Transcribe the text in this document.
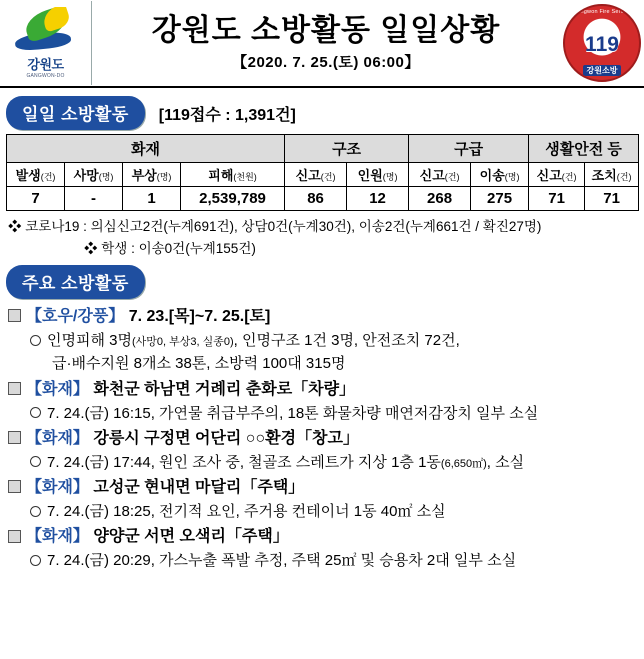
강원도
GANGWON-DO
강원도 소방활동 일일상황
【2020. 7. 25.(토) 06:00】
Gangwon Fire Service
119
강원소방
일일 소방활동	[119접수 : 1,391건]
화재				구조		구급		생활안전 등	
발생(건)	사망(명)	부상(명)	피해(천원)	신고(건)	인원(명)	신고(건)	이송(명)	신고(건)	조치(건)
7	-	1	2,539,789	86	12	268	275	71	71
❖ 코로나19 : 의심신고2건(누계691건), 상담0건(누계30건), 이송2건(누계661건 / 확진27명)
❖ 학생 : 이송0건(누계155건)
주요 소방활동
【호우/강풍】 7. 23.[목]~7. 25.[토]
인명피해 3명(사망0, 부상3, 실종0), 인명구조 1건 3명, 안전조치 72건,
급·배수지원 8개소 38톤, 소방력 100대 315명
【화재】 화천군 하남면 거례리 춘화로「차량」
7. 24.(금) 16:15, 가연물 취급부주의, 18톤 화물차량 매연저감장치 일부 소실
【화재】 강릉시 구정면 어단리 ○○환경「창고」
7. 24.(금) 17:44, 원인 조사 중, 철골조 스레트가 지상 1층 1동(6,650㎡), 소실
【화재】 고성군 현내면 마달리「주택」
7. 24.(금) 18:25, 전기적 요인, 주거용 컨테이너 1동 40㎡ 소실
【화재】 양양군 서면 오색리「주택」
7. 24.(금) 20:29, 가스누출 폭발 추정, 주택 25㎡ 및 승용차 2대 일부 소실
